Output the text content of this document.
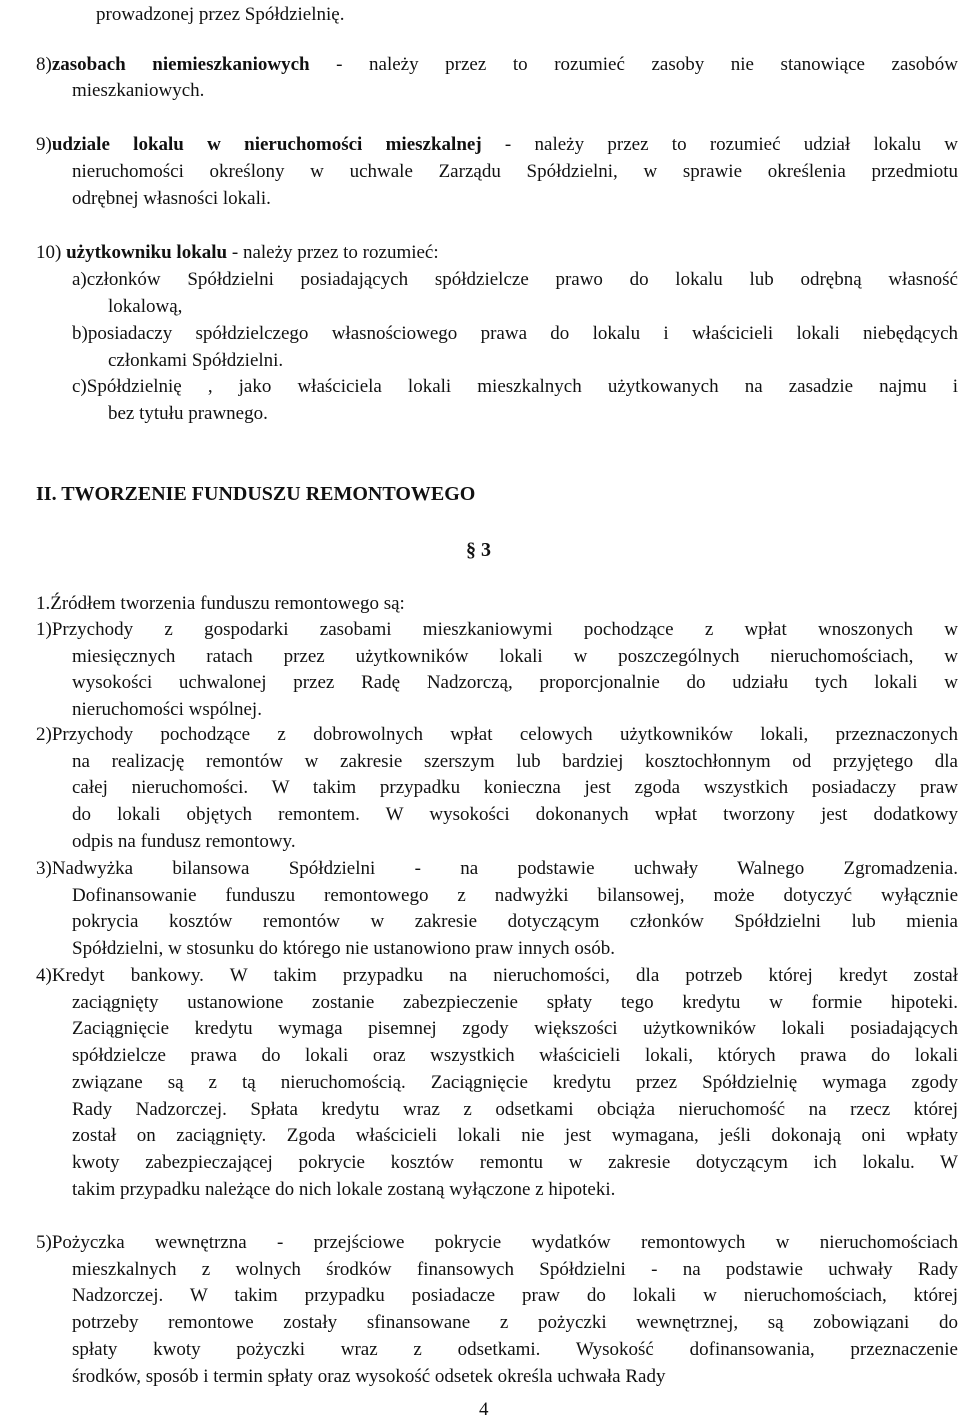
prowadzonej przez Spółdzielnię.
8)zasobach niemieszkaniowych - należy przez to rozumieć zasoby nie stanowiące zasobów
mieszkaniowych.
9)udziale lokalu w nieruchomości mieszkalnej - należy przez to rozumieć udział lokalu w
nieruchomości określony w uchwale Zarządu Spółdzielni, w sprawie określenia przedmiotu
odrębnej własności lokali.
10) użytkowniku lokalu - należy przez to rozumieć:
a)członków Spółdzielni posiadających spółdzielcze prawo do lokalu lub odrębną własność
lokalową,
b)posiadaczy spółdzielczego własnościowego prawa do lokalu i właścicieli lokali niebędących
członkami Spółdzielni.
c)Spółdzielnię , jako właściciela lokali mieszkalnych użytkowanych na zasadzie najmu i
bez tytułu prawnego.
II. TWORZENIE FUNDUSZU REMONTOWEGO
§ 3
1.Źródłem tworzenia funduszu remontowego są:
1)Przychody z gospodarki zasobami mieszkaniowymi pochodzące z wpłat wnoszonych w
miesięcznych ratach przez użytkowników lokali w poszczególnych nieruchomościach, w
wysokości uchwalonej przez Radę Nadzorczą, proporcjonalnie do udziału tych lokali w
nieruchomości wspólnej.
2)Przychody pochodzące z dobrowolnych wpłat celowych użytkowników lokali, przeznaczonych
na realizację remontów w zakresie szerszym lub bardziej kosztochłonnym od przyjętego dla
całej nieruchomości. W takim przypadku konieczna jest zgoda wszystkich posiadaczy praw
do lokali objętych remontem. W wysokości dokonanych wpłat tworzony jest dodatkowy
odpis na fundusz remontowy.
3)Nadwyżka bilansowa Spółdzielni - na podstawie uchwały Walnego Zgromadzenia.
Dofinansowanie funduszu remontowego z nadwyżki bilansowej, może dotyczyć wyłącznie
pokrycia kosztów remontów w zakresie dotyczącym członków Spółdzielni lub mienia
Spółdzielni, w stosunku do którego nie ustanowiono praw innych osób.
4)Kredyt bankowy. W takim przypadku na nieruchomości, dla potrzeb której kredyt został
zaciągnięty ustanowione zostanie zabezpieczenie spłaty tego kredytu w formie hipoteki.
Zaciągnięcie kredytu wymaga pisemnej zgody większości użytkowników lokali posiadających
spółdzielcze prawa do lokali oraz wszystkich właścicieli lokali, których prawa do lokali
związane są z tą nieruchomością. Zaciągnięcie kredytu przez Spółdzielnię wymaga zgody
Rady Nadzorczej. Spłata kredytu wraz z odsetkami obciąża nieruchomość na rzecz której
został on zaciągnięty. Zgoda właścicieli lokali nie jest wymagana, jeśli dokonają oni wpłaty
kwoty zabezpieczającej pokrycie kosztów remontu w zakresie dotyczącym ich lokalu. W
takim przypadku należące do nich lokale zostaną wyłączone z hipoteki.
5)Pożyczka wewnętrzna - przejściowe pokrycie wydatków remontowych w nieruchomościach
mieszkalnych z wolnych środków finansowych Spółdzielni - na podstawie uchwały Rady
Nadzorczej. W takim przypadku posiadacze praw do lokali w nieruchomościach, której
potrzeby remontowe zostały sfinansowane z pożyczki wewnętrznej, są zobowiązani do
spłaty kwoty pożyczki wraz z odsetkami. Wysokość dofinansowania, przeznaczenie
środków, sposób i termin spłaty oraz wysokość odsetek określa uchwała Rady
4
